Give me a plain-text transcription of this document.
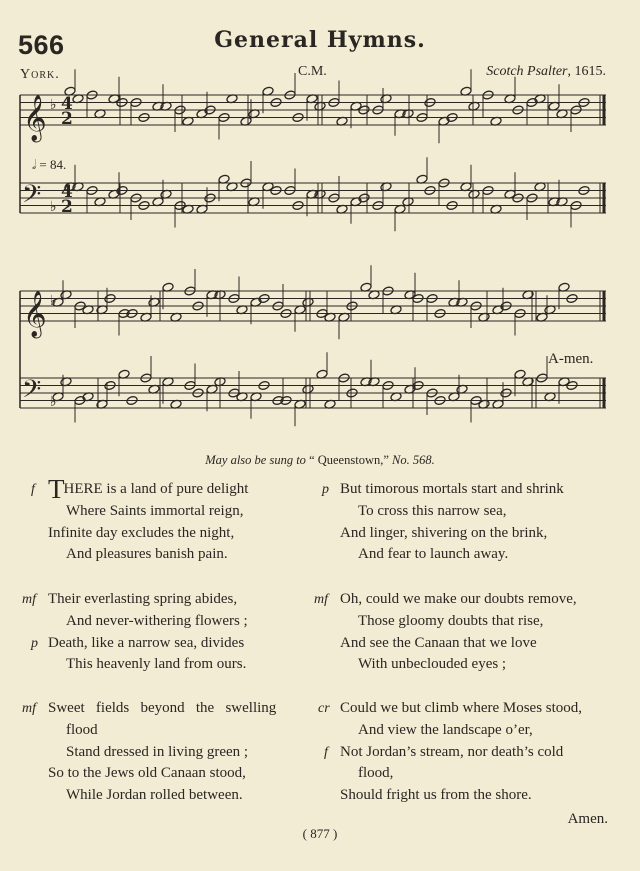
566	General Hymns.
York.	C.M.	Scotch Psalter, 1615.
𝄞 ♭ 4
2
𝄢 ♭
4
2
𝄞 ♭
𝄢 ♭
𝅗𝅥 = 84.
A-men.
May also be sung to “ Queenstown,” No. 568.
f THERE is a land of pure delight
Where Saints immortal reign,
Infinite day excludes the night,
And pleasures banish pain.
p But timorous mortals start and shrink
To cross this narrow sea,
And linger, shivering on the brink,
And fear to launch away.
mf
p
Their everlasting spring abides,
And never-withering flowers ;
Death, like a narrow sea, divides
This heavenly land from ours.
mf Oh, could we make our doubts remove,
Those gloomy doubts that rise,
And see the Canaan that we love
With unbeclouded eyes ;
mf Sweet   fields   beyond   the   swelling
flood
Stand dressed in living green ;
So to the Jews old Canaan stood,
While Jordan rolled between.
cr
f
Could we but climb where Moses stood,
And view the landscape o’er,
Not Jordan’s stream, nor death’s cold
flood,
Should fright us from the shore.
Amen.
( 877 )
